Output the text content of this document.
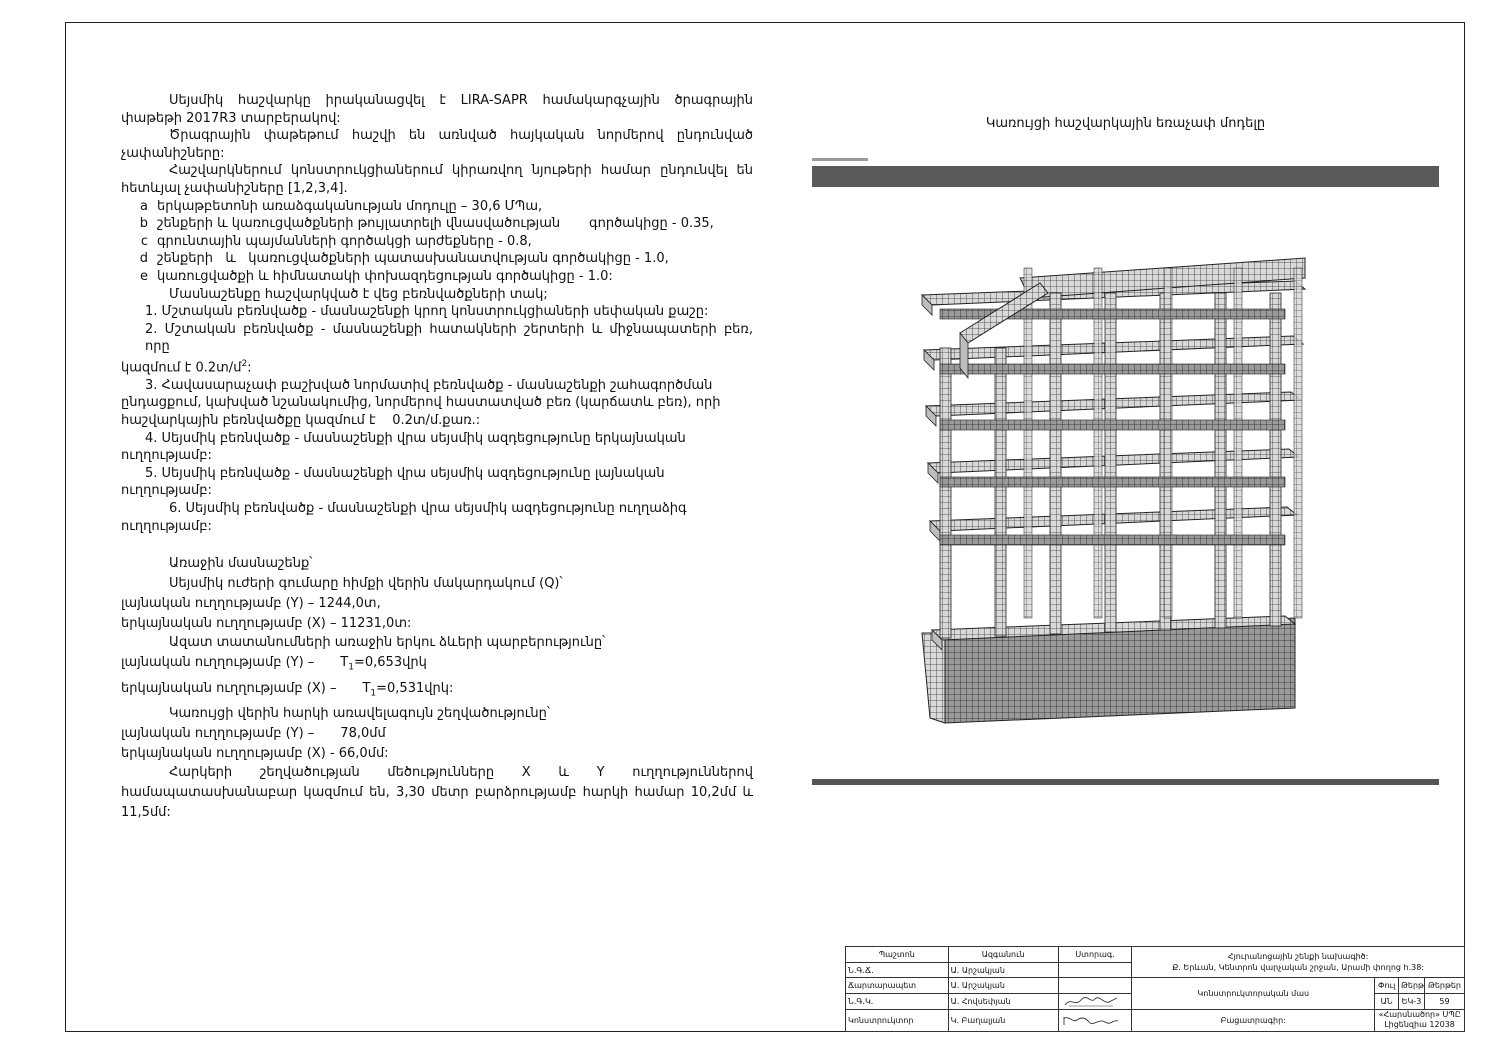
Սեյսմիկ հաշվարկը իրականացվել է LIRA-SAPR համակարգչային ծրագրային

փաթեթի 2017R3 տարբերակով:

Ծրագրային փաթեթում հաշվի են առնված հայկական նորմերով ընդունված

չափանիշները:

Հաշվարկներում կոնստրուկցիաներում կիրառվող նյութերի համար ընդունվել են

հետևյալ չափանիշները [1,2,3,4].

a երկաթբետոնի առաձգականության մոդուլը – 30,6 ՄՊա,
b շենքերի և կառուցվածքների թույլատրելի վնասվածության       գործակիցը - 0.35,
c գրունտային պայմանների գործակցի արժեքները - 0.8,
d շենքերի   և   կառուցվածքների պատասխանատվության գործակիցը - 1.0,
e կառուցվածքի և հիմնատակի փոխազդեցության գործակիցը - 1.0:

Մասնաշենքը հաշվարկված է վեց բեռնվածքների տակ;

1. Մշտական բեռնվածք - մասնաշենքի կրող կոնստրուկցիաների սեփական քաշը:

2. Մշտական բեռնվածք - մասնաշենքի հատակների շերտերի և միջնապատերի բեռ, որը

կազմում է 0.2տ/մ$^2$:

3. Հավասարաչափ բաշխված նորմատիվ բեռնվածք - մասնաշենքի շահագործման

ընդացքում, կախված նշանակումից, նորմերով հաստատված բեռ (կարճատև բեռ), որի

հաշվարկային բեռնվածքը կազմում է    0.2տ/մ.քառ.:

4. Սեյսմիկ բեռնվածք - մասնաշենքի վրա սեյսմիկ ազդեցությունը երկայնական

ուղղությամբ:

5. Սեյսմիկ բեռնվածք - մասնաշենքի վրա սեյսմիկ ազդեցությունը լայնական

ուղղությամբ:

6. Սեյսմիկ բեռնվածք - մասնաշենքի վրա սեյսմիկ ազդեցությունը ուղղաձիգ

ուղղությամբ:

Առաջին մասնաշենք՝

Սեյսմիկ ուժերի գումարը հիմքի վերին մակարդակում (Q)՝

լայնական ուղղությամբ (Y) – 1244,0տ,

երկայնական ուղղությամբ (X) – 11231,0տ:

Ազատ տատանումների առաջին երկու ձևերի պարբերությունը՝

լայնական ուղղությամբ $(Y) - T_1=0,653վրկ$

երկայնական ուղղությամբ $(X) - T_1=0,531վրկ$:

Կառույցի վերին հարկի առավելագույն շեղվածությունը՝

լայնական ուղղությամբ (Y) – 78,0մմ

երկայնական ուղղությամբ (X) - 66,0մմ:

Հարկերի     շեղվածության     մեծությունները     X     և     Y     ուղղություններով

համապատասխանաբար կազմում են, 3,30 մետր բարձրությամբ հարկի համար 10,2մմ և

11,5մմ:

Կառույցի հաշվարկային եռաչափ մոդելը
Պաշտոն	Ազգանուն	Ստորագ.	Հյուրանոցային շենքի նախագիծ:
Ք. Երևան, Կենտրոն վարչական շրջան, Արամի փողոց h.38:			

Ն.Գ.Ճ.	Ա. Արշակյան					
Ճարտարապետ	Ա. Արշակյան		Կոնստրուկտորական մաս	Փուլ	Թերթ	Թերթեր
Ն.Գ.Կ.	Ա. Հովսեփյան			ԱՆ	ԵԿ-3	59
Կոնստրուկտոր	Կ. Բաղալյան		Բացատրագիր:	«Հարսնածոր» ՍՊԸ
Լիցենզիա 12038		
